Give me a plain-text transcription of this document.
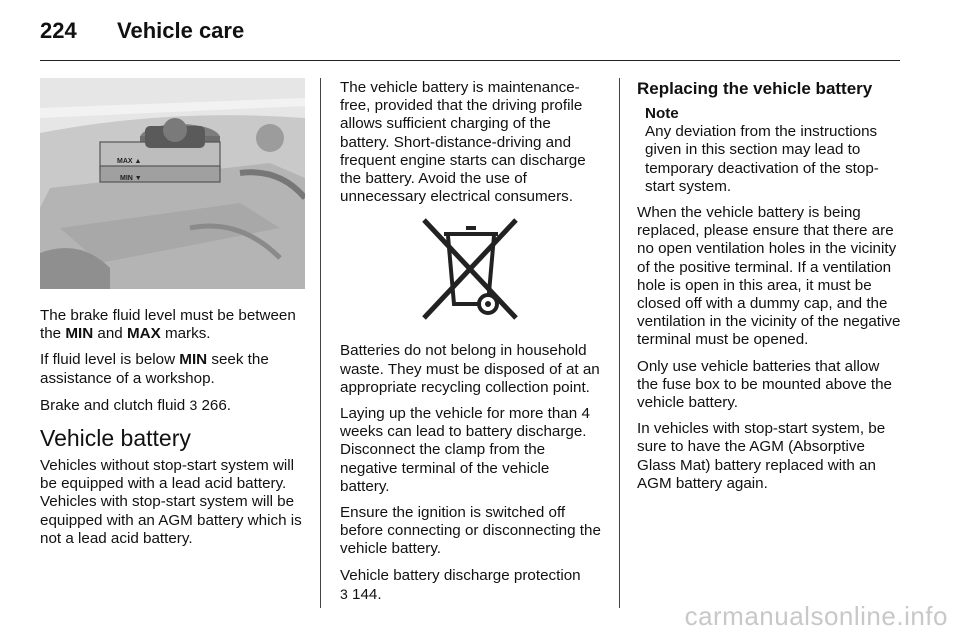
224	Vehicle care
MAX ▲
MIN ▼

The brake fluid level must be between the MIN and MAX marks.

If fluid level is below MIN seek the assistance of a workshop.

Brake and clutch fluid 3 266.

Vehicle battery

Vehicles without stop-start system will be equipped with a lead acid battery. Vehicles with stop-start system will be equipped with an AGM battery which is not a lead acid battery.

The vehicle battery is maintenance-free, provided that the driving profile allows sufficient charging of the battery. Short-distance-driving and frequent engine starts can discharge the battery. Avoid the use of unnecessary electrical consumers.

Batteries do not belong in household waste. They must be disposed of at an appropriate recycling collection point.

Laying up the vehicle for more than 4 weeks can lead to battery discharge. Disconnect the clamp from the negative terminal of the vehicle battery.

Ensure the ignition is switched off before connecting or disconnecting the vehicle battery.

Vehicle battery discharge protection
3 144.

Replacing the vehicle battery
Note

Any deviation from the instructions given in this section may lead to temporary deactivation of the stop-start system.

When the vehicle battery is being replaced, please ensure that there are no open ventilation holes in the vicinity of the positive terminal. If a ventilation hole is open in this area, it must be closed off with a dummy cap, and the ventilation in the vicinity of the negative terminal must be opened.

Only use vehicle batteries that allow the fuse box to be mounted above the vehicle battery.

In vehicles with stop-start system, be sure to have the AGM (Absorptive Glass Mat) battery replaced with an AGM battery again.

carmanualsonline.info
